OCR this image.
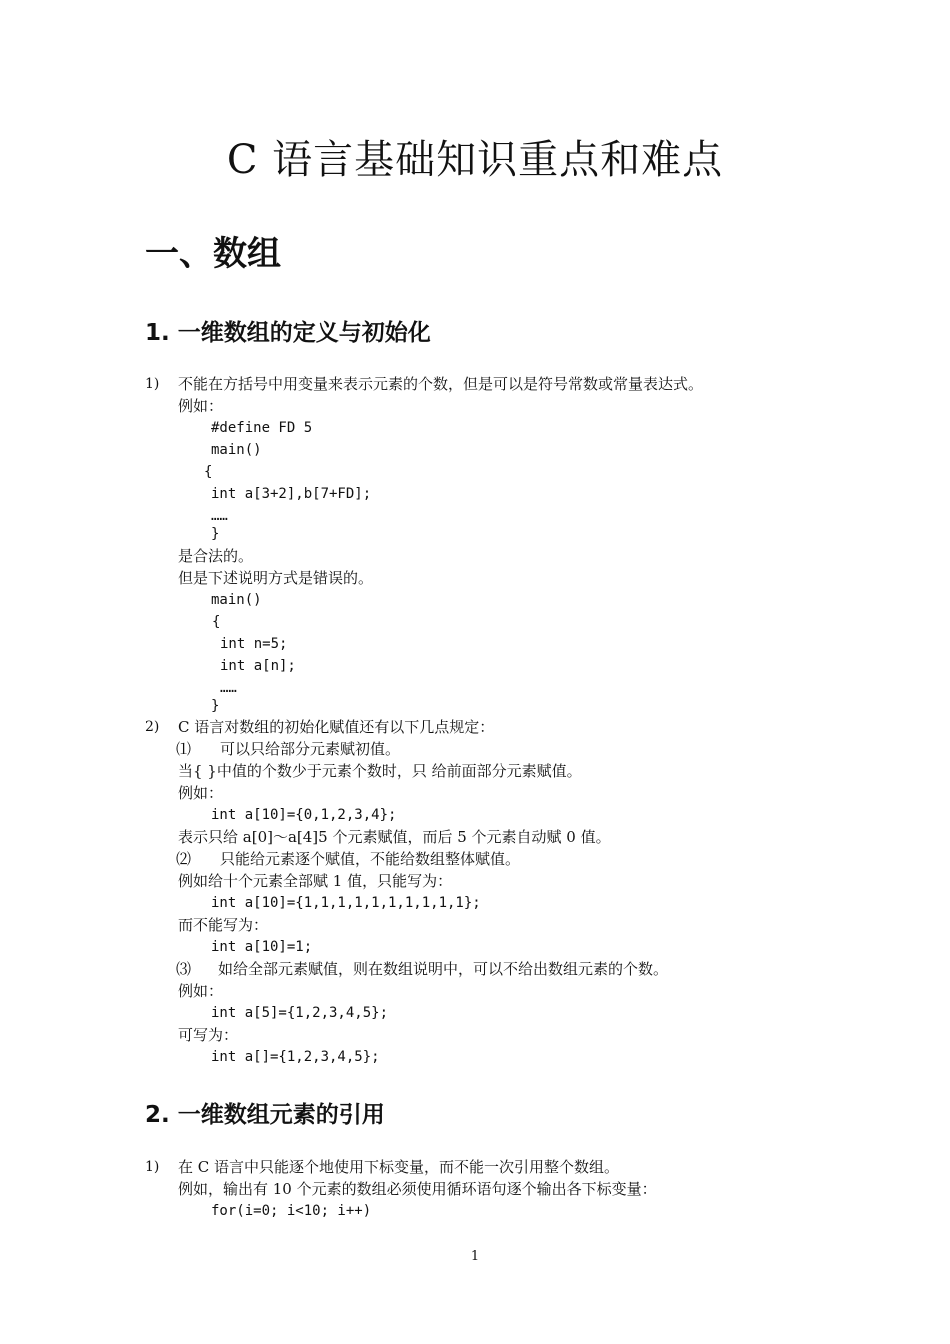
C 语言基础知识重点和难点
一、数组
1. 一维数组的定义与初始化
1) 不能在方括号中用变量来表示元素的个数，但是可以是符号常数或常量表达式。
例如：
#define FD 5
main()
{
int a[3+2],b[7+FD];
……
}
是合法的。
但是下述说明方式是错误的。
main()
{
int n=5;
int a[n];
……
}
2) C 语言对数组的初始化赋值还有以下几点规定：
⑴ 可以只给部分元素赋初值。
当{ }中值的个数少于元素个数时，只 给前面部分元素赋值。
例如：
int a[10]={0,1,2,3,4};
表示只给 a[0]～a[4]5 个元素赋值，而后 5 个元素自动赋 0 值。
⑵ 只能给元素逐个赋值，不能给数组整体赋值。
例如给十个元素全部赋 1 值，只能写为：
int a[10]={1,1,1,1,1,1,1,1,1,1};
而不能写为：
int a[10]=1;
⑶ 如给全部元素赋值，则在数组说明中，可以不给出数组元素的个数。
例如：
int a[5]={1,2,3,4,5};
可写为：
int a[]={1,2,3,4,5};
2. 一维数组元素的引用
1) 在 C 语言中只能逐个地使用下标变量，而不能一次引用整个数组。
例如，输出有 10 个元素的数组必须使用循环语句逐个输出各下标变量：
for(i=0; i<10; i++)
1
